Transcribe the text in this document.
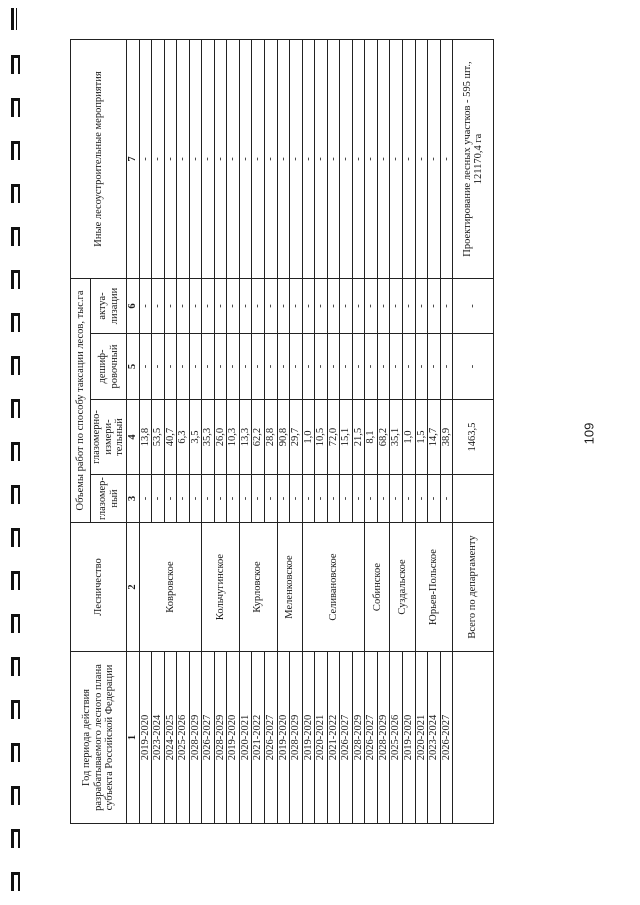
Год периода действия разрабатываемого лесного плана субъекта Российской Федерации	Лесничество	Объемы работ по способу таксации лесов, тыс.га				Иные лесоустроительные мероприятия
		глазомер-ный	глазомерно-измери-тельный	дешиф-ровочный	актуа-лизации	
1	2	3	4	5	6	7
2019-2020	Ковровское	-	13,8	-	-	-
2023-2024		-	53,5	-	-	-
2024-2025		-	40,7	-	-	-
2025-2026		-	6,3	-	-	-
2028-2029		-	3,5	-	-	-
2026-2027	Кольчугинское	-	35,3	-	-	-
2028-2029		-	26,0	-	-	-
2019-2020		-	10,3	-	-	-
2020-2021	Курловское	-	13,3	-	-	-
2021-2022		-	62,2	-	-	-
2026-2027		-	28,8	-	-	-
2019-2020	Меленковское	-	90,8	-	-	-
2028-2029		-	29,7	-	-	-
2019-2020	Селивановское	-	1,0	-	-	-
2020-2021		-	10,5	-	-	-
2021-2022		-	72,0	-	-	-
2026-2027		-	15,1	-	-	-
2028-2029		-	21,5	-	-	-
2026-2027	Собинское	-	8,1	-	-	-
2028-2029		-	68,2	-	-	-
2025-2026	Суздальское	-	35,1	-	-	-
2019-2020		-	1,0	-	-	-
2020-2021	Юрьев-Польское	-	1,5	-	-	-
2023-2024		-	14,7	-	-	-
2026-2027		-	38,9	-	-	-
	Всего по департаменту		1463,5	-	-	Проектирование лесных участков - 595 шт., 121170,4 га
109
